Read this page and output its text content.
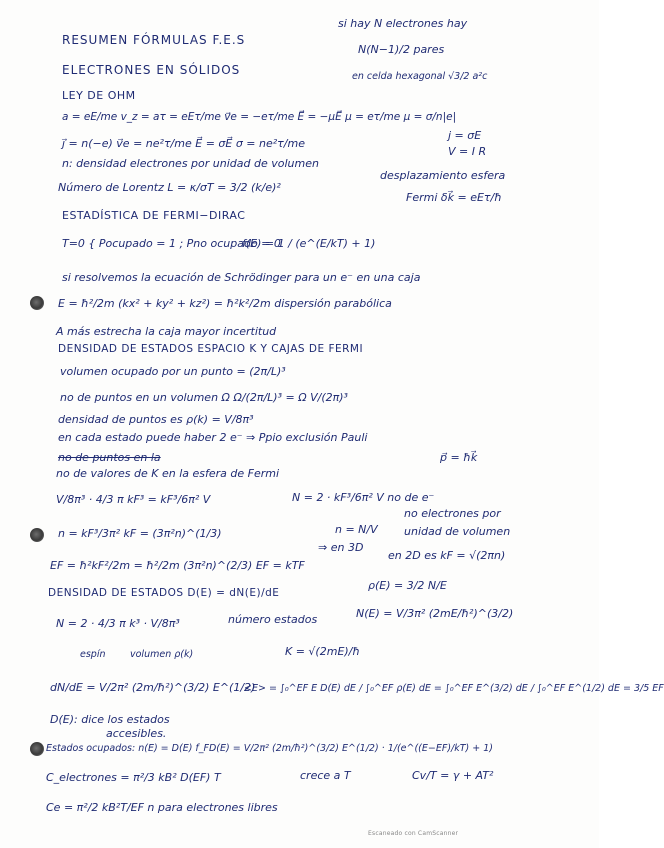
RESUMEN FÓRMULAS F.E.S
si hay N electrones hay
N(N−1)/2 pares
ELECTRONES EN SÓLIDOS	en celda hexagonal √3/2 a²c
LEY DE OHM
a = eE/me v_z = aτ = eEτ/me v⃗e = −eτ/me E⃗ = −μE⃗ μ = eτ/me μ = σ/n|e|
j⃗ = n(−e) v⃗e = ne²τ/me E⃗ = σE⃗ σ = ne²τ/me
j = σE
V = I R
n: densidad electrones por unidad de volumen
Número de Lorentz L = κ/σT = 3/2 (k/e)²
desplazamiento esfera
Fermi δk⃗ = eEτ/ħ
ESTADÍSTICA DE FERMI−DIRAC
T=0 { Pocupado = 1 ; Pno ocupado = 0
f(E) = 1 / (e^(E/kT) + 1)
si resolvemos la ecuación de Schrödinger para un e⁻ en una caja
E = ħ²/2m (kx² + ky² + kz²) = ħ²k²/2m dispersión parabólica
A más estrecha la caja mayor incertitud
DENSIDAD DE ESTADOS ESPACIO K Y CAJAS DE FERMI
volumen ocupado por un punto = (2π/L)³
no de puntos en un volumen Ω Ω/(2π/L)³ = Ω V/(2π)³
densidad de puntos es ρ(k) = V/8π³
en cada estado puede haber 2 e⁻ ⇒ Ppio exclusión Pauli
no de puntos en la	p⃗ = ħk⃗
no de valores de K en la esfera de Fermi
V/8π³ · 4/3 π kF³ = kF³/6π² V	N = 2 · kF³/6π² V no de e⁻
n = kF³/3π² kF = (3π²n)^(1/3)	n = N/V
no electrones por
unidad de volumen
⇒ en 3D
en 2D es kF = √(2πn)
EF = ħ²kF²/2m = ħ²/2m (3π²n)^(2/3) EF = kTF
DENSIDAD DE ESTADOS D(E) = dN(E)/dE
ρ(E) = 3/2 N/E
N = 2 · 4/3 π k³ · V/8π³	número estados	N(E) = V/3π² (2mE/ħ²)^(3/2)
espín	volumen ρ(k)	K = √(2mE)/ħ
dN/dE = V/2π² (2m/ħ²)^(3/2) E^(1/2)
<E> = ∫₀^EF E D(E) dE / ∫₀^EF ρ(E) dE = ∫₀^EF E^(3/2) dE / ∫₀^EF E^(1/2) dE = 3/5 EF
D(E): dice los estados
accesibles.
Estados ocupados: n(E) = D(E) f_FD(E) = V/2π² (2m/ħ²)^(3/2) E^(1/2) · 1/(e^((E−EF)/kT) + 1)
C_electrones = π²/3 kB² D(EF) T	crece a T	Cv/T = γ + AT²
Ce = π²/2 kB²T/EF n para electrones libres
Escaneado con CamScanner
